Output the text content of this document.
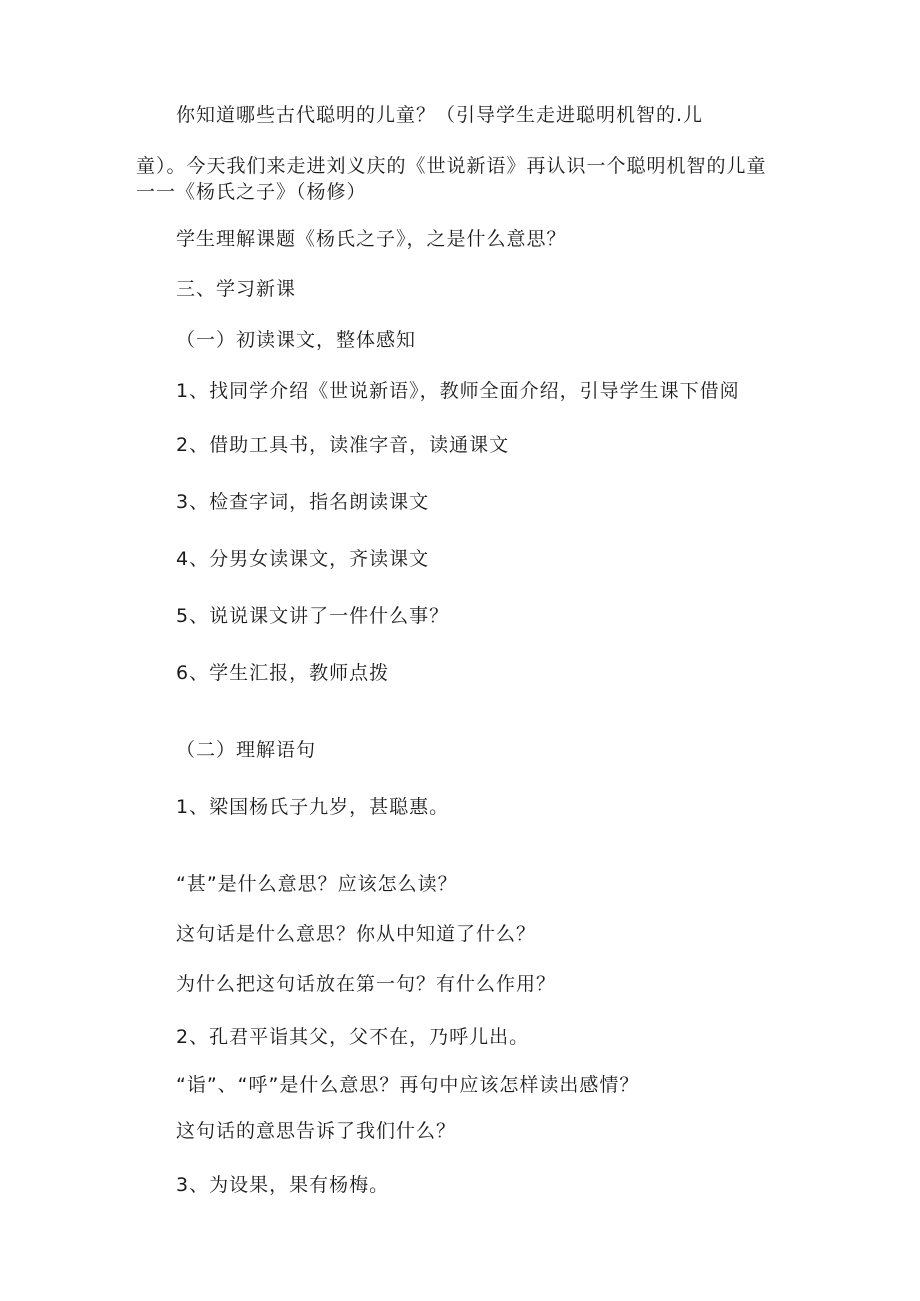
你知道哪些古代聪明的儿童？（引导学生走进聪明机智的.儿
童）。今天我们来走进刘义庆的《世说新语》再认识一个聪明机智的儿童
一一《杨氏之子》（杨修）
学生理解课题《杨氏之子》，之是什么意思？
三、学习新课
（一）初读课文，整体感知
1、找同学介绍《世说新语》，教师全面介绍，引导学生课下借阅
2、借助工具书，读准字音，读通课文
3、检查字词，指名朗读课文
4、分男女读课文，齐读课文
5、说说课文讲了一件什么事？
6、学生汇报，教师点拨
（二）理解语句
1、梁国杨氏子九岁，甚聪惠。
“甚”是什么意思？应该怎么读？
这句话是什么意思？你从中知道了什么？
为什么把这句话放在第一句？有什么作用？
2、孔君平诣其父，父不在，乃呼儿出。
“诣”、“呼”是什么意思？再句中应该怎样读出感情？
这句话的意思告诉了我们什么？
3、为设果，果有杨梅。
